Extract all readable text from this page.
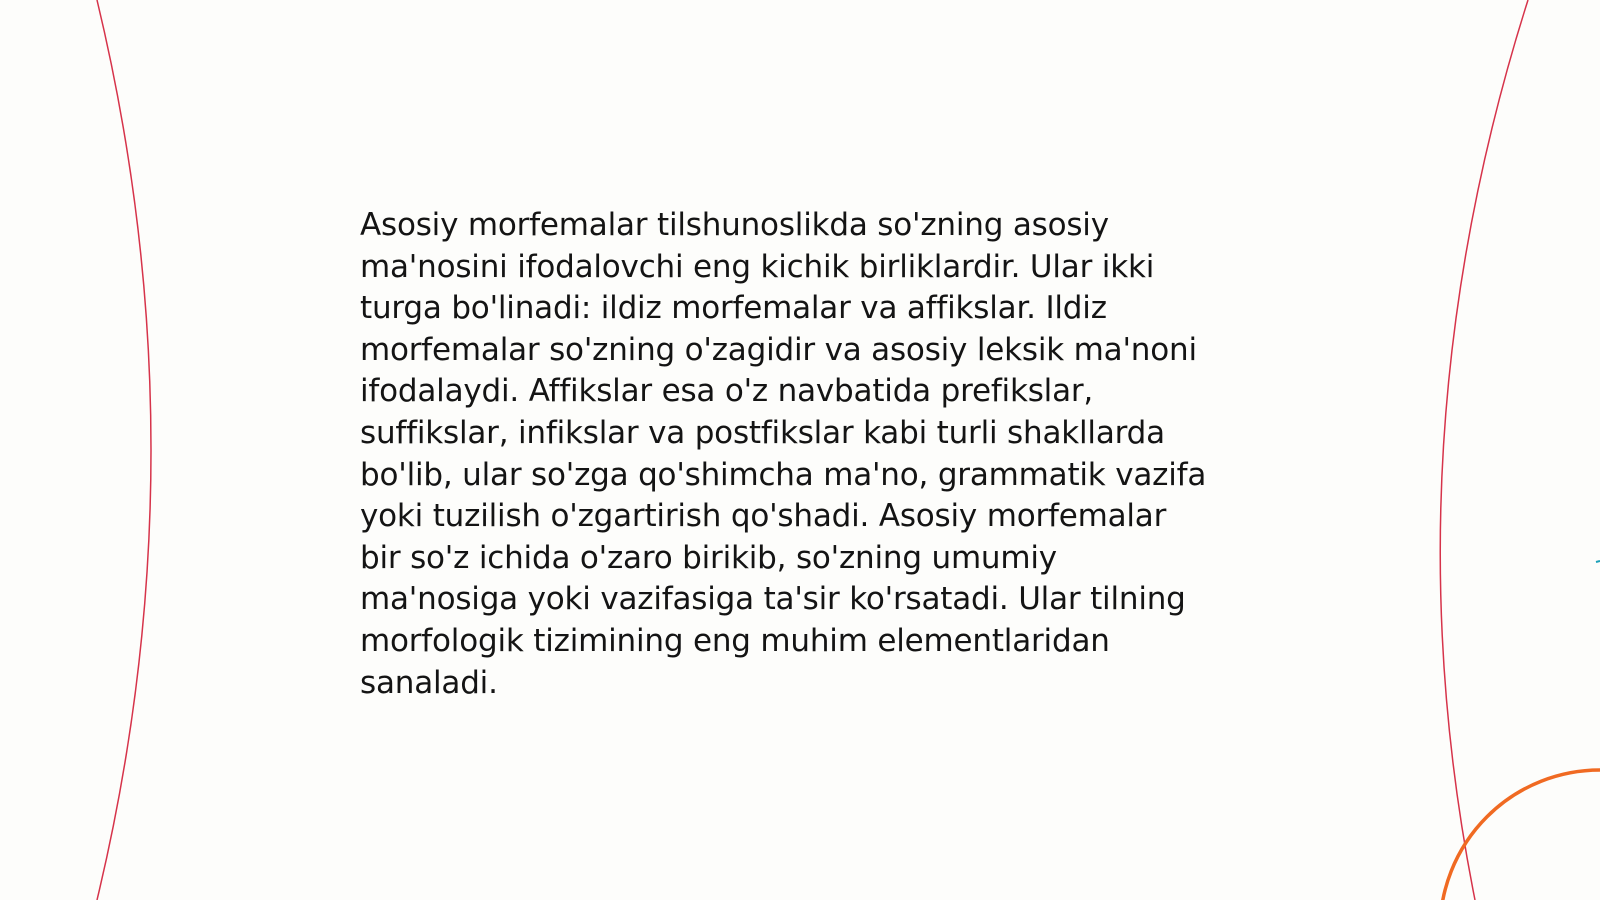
Asosiy morfemalar tilshunoslikda so'zning asosiy ma'nosini ifodalovchi eng kichik birliklardir. Ular ikki turga bo'linadi: ildiz morfemalar va affikslar. Ildiz morfemalar so'zning o'zagidir va asosiy leksik ma'noni ifodalaydi. Affikslar esa o'z navbatida prefikslar, suffikslar, infikslar va postfikslar kabi turli shakllarda bo'lib, ular so'zga qo'shimcha ma'no, grammatik vazifa yoki tuzilish o'zgartirish qo'shadi. Asosiy morfemalar bir so'z ichida o'zaro birikib, so'zning umumiy ma'nosiga yoki vazifasiga ta'sir ko'rsatadi. Ular tilning morfologik tizimining eng muhim elementlaridan sanaladi.
